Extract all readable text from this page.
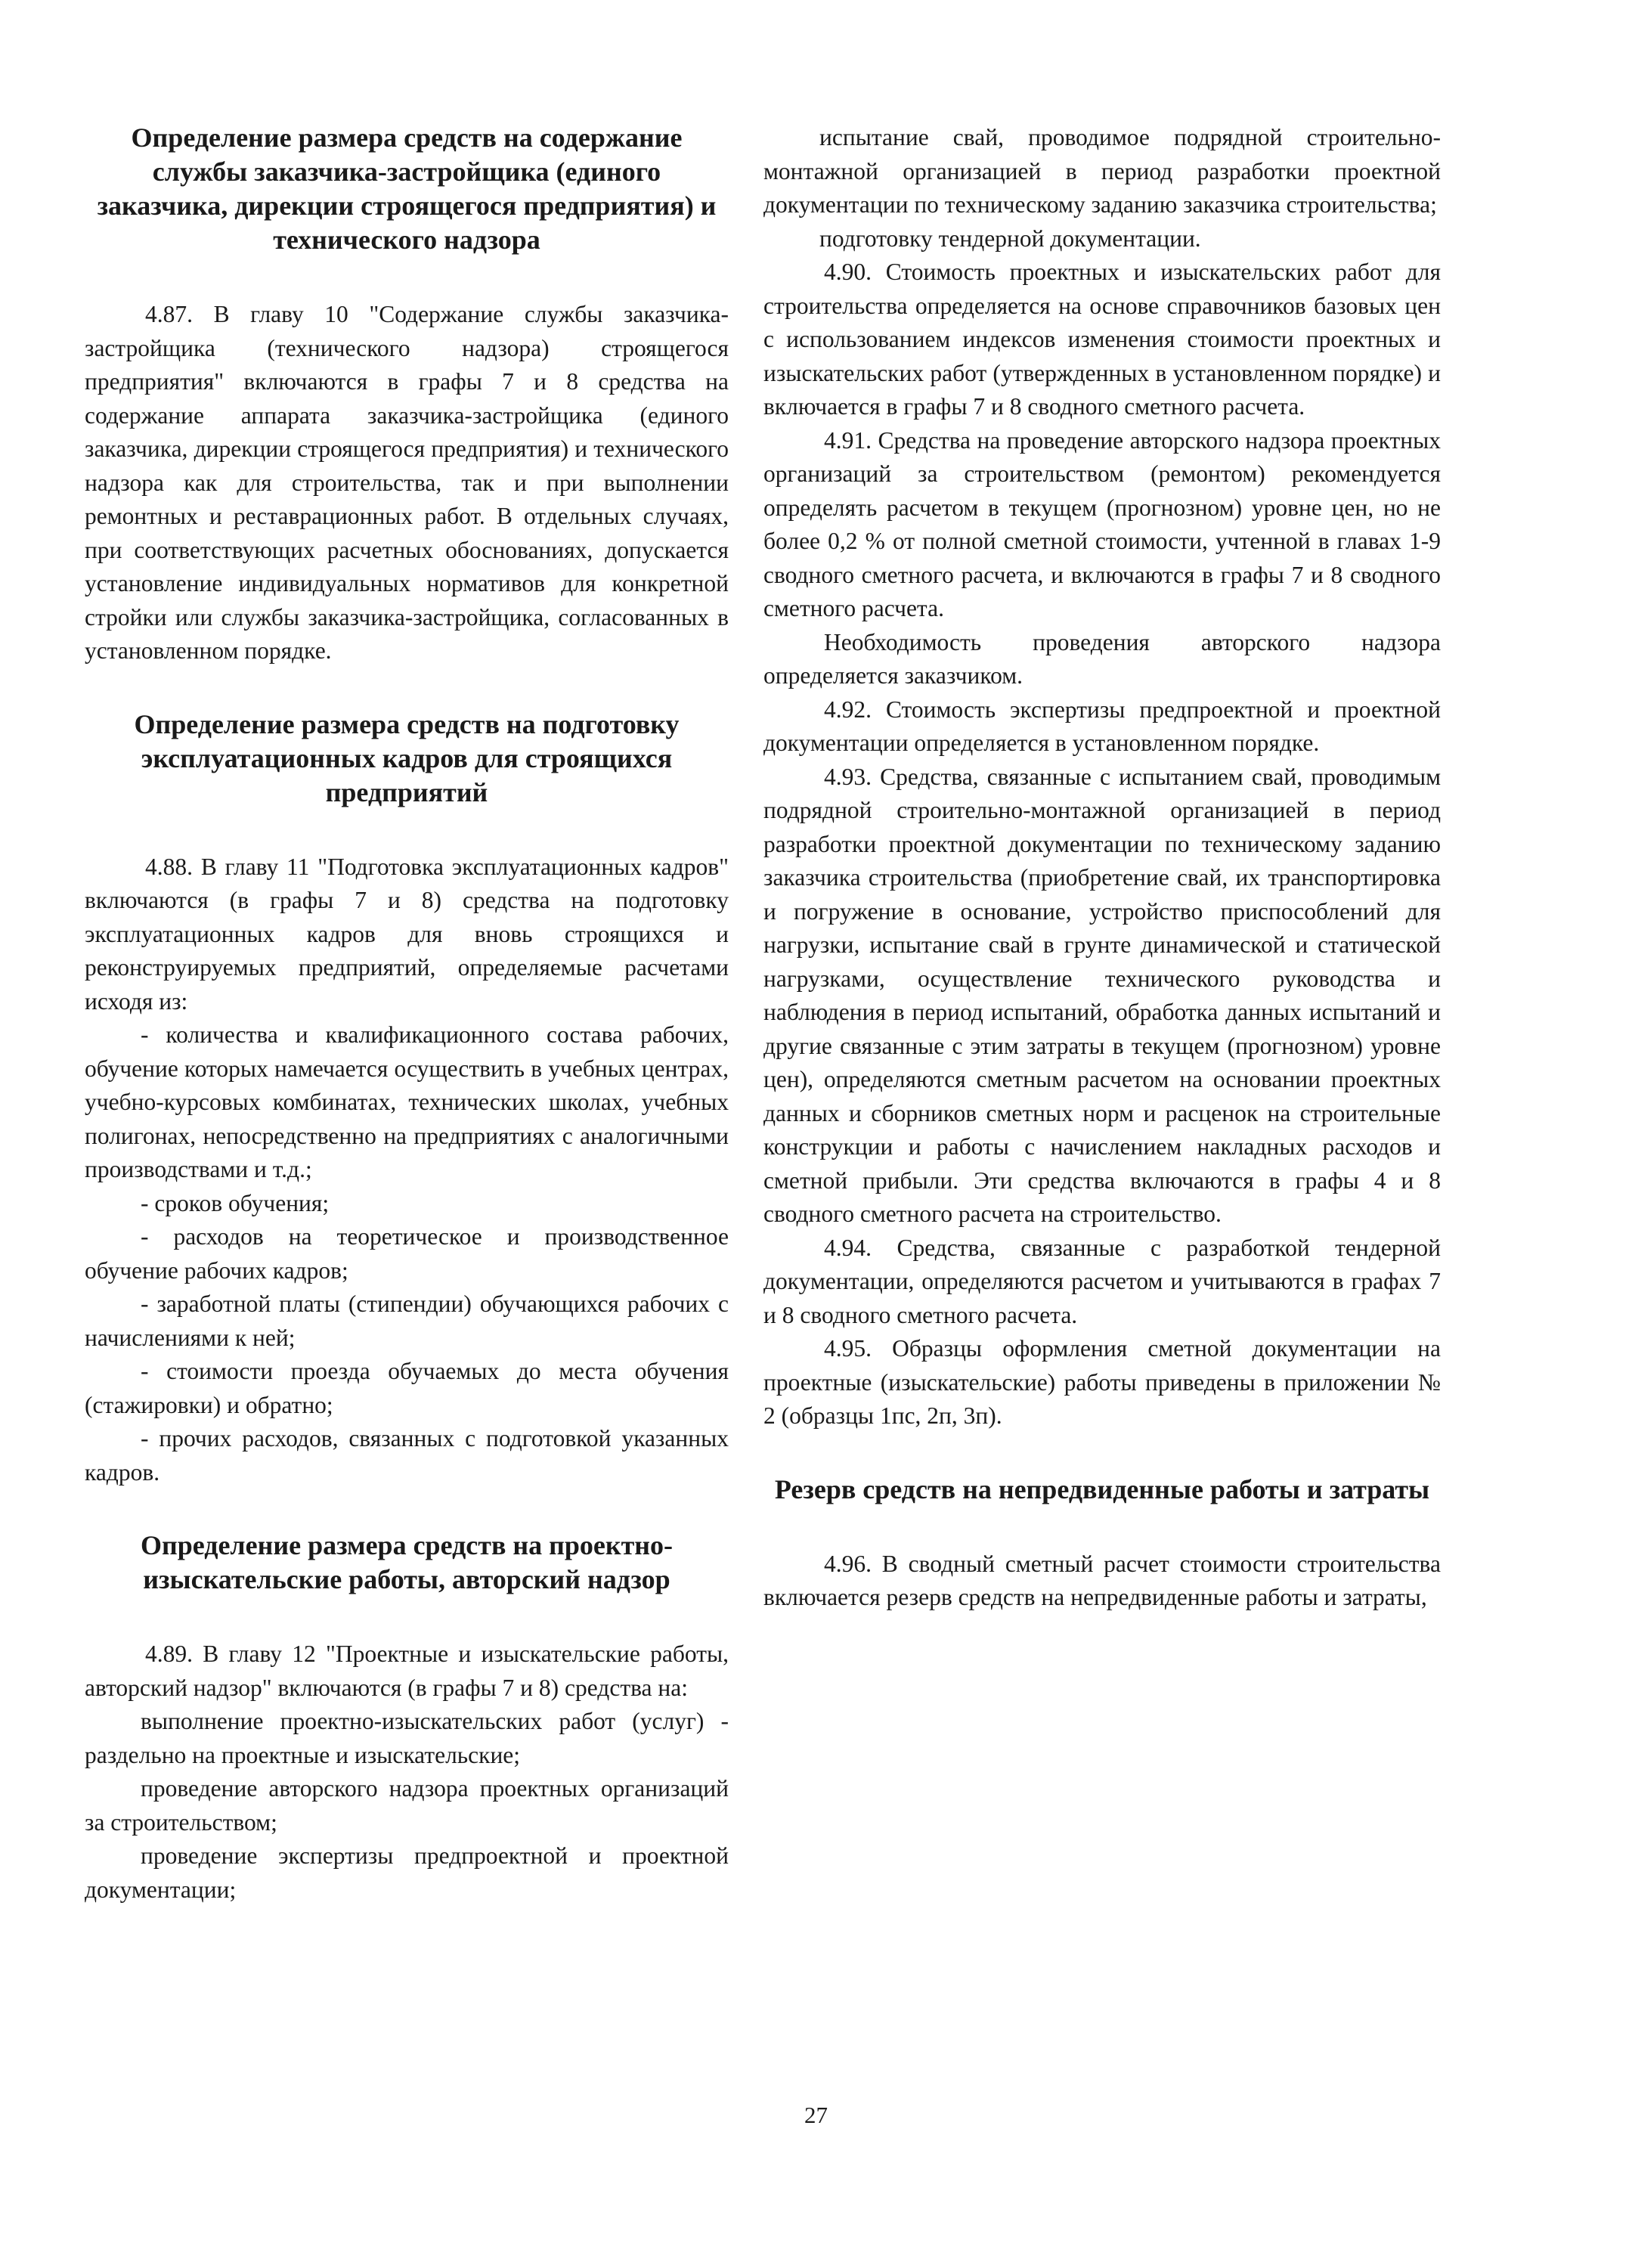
Определение размера средств на содержание службы заказчика-застройщика (единого заказчика, дирекции строящегося предприятия) и технического надзора

4.87. В главу 10 "Содержание службы заказчика-застройщика (технического надзора) строящегося предприятия" включаются в графы 7 и 8 средства на содержание аппарата заказчика-застройщика (единого заказчика, дирекции строящегося предприятия) и технического надзора как для строительства, так и при выполнении ремонтных и реставрационных работ. В отдельных случаях, при соответствующих расчетных обоснованиях, допускается установление индивидуальных нормативов для конкретной стройки или службы заказчика-застройщика, согласованных в установленном порядке.

Определение размера средств на подготовку эксплуатационных кадров для строящихся предприятий

4.88. В главу 11 "Подготовка эксплуатационных кадров" включаются (в графы 7 и 8) средства на подготовку эксплуатационных кадров для вновь строящихся и реконструируемых предприятий, определяемые расчетами исходя из:

- количества и квалификационного состава рабочих, обучение которых намечается осуществить в учебных центрах, учебно-курсовых комбинатах, технических школах, учебных полигонах, непосредственно на предприятиях с аналогичными производствами и т.д.;

- сроков обучения;

- расходов на теоретическое и производственное обучение рабочих кадров;

- заработной платы (стипендии) обучающихся рабочих с начислениями к ней;

- стоимости проезда обучаемых до места обучения (стажировки) и обратно;

- прочих расходов, связанных с подготовкой указанных кадров.

Определение размера средств на проектно-изыскательские работы, авторский надзор

4.89. В главу 12 "Проектные и изыскательские работы, авторский надзор" включаются (в графы 7 и 8) средства на:

выполнение проектно-изыскательских работ (услуг) - раздельно на проектные и изыскательские;

проведение авторского надзора проектных организаций за строительством;

проведение экспертизы предпроектной и проектной документации;

испытание свай, проводимое подрядной строительно-монтажной организацией в период разработки проектной документации по техническому заданию заказчика строительства;

подготовку тендерной документации.

4.90. Стоимость проектных и изыскательских работ для строительства определяется на основе справочников базовых цен с использованием индексов изменения стоимости проектных и изыскательских работ (утвержденных в установленном порядке) и включается в графы 7 и 8 сводного сметного расчета.

4.91. Средства на проведение авторского надзора проектных организаций за строительством (ремонтом) рекомендуется определять расчетом в текущем (прогнозном) уровне цен, но не более 0,2 % от полной сметной стоимости, учтенной в главах 1-9 сводного сметного расчета, и включаются в графы 7 и 8 сводного сметного расчета.

Необходимость проведения авторского надзора определяется заказчиком.

4.92. Стоимость экспертизы предпроектной и проектной документации определяется в установленном порядке.

4.93. Средства, связанные с испытанием свай, проводимым подрядной строительно-монтажной организацией в период разработки проектной документации по техническому заданию заказчика строительства (приобретение свай, их транспортировка и погружение в основание, устройство приспособлений для нагрузки, испытание свай в грунте динамической и статической нагрузками, осуществление технического руководства и наблюдения в период испытаний, обработка данных испытаний и другие связанные с этим затраты в текущем (прогнозном) уровне цен), определяются сметным расчетом на основании проектных данных и сборников сметных норм и расценок на строительные конструкции и работы с начислением накладных расходов и сметной прибыли. Эти средства включаются в графы 4 и 8 сводного сметного расчета на строительство.

4.94. Средства, связанные с разработкой тендерной документации, определяются расчетом и учитываются в графах 7 и 8 сводного сметного расчета.

4.95. Образцы оформления сметной документации на проектные (изыскательские) работы приведены в приложении № 2 (образцы 1пс, 2п, 3п).

Резерв средств на непредвиденные работы и затраты

4.96. В сводный сметный расчет стоимости строительства включается резерв средств на непредвиденные работы и затраты,

27
